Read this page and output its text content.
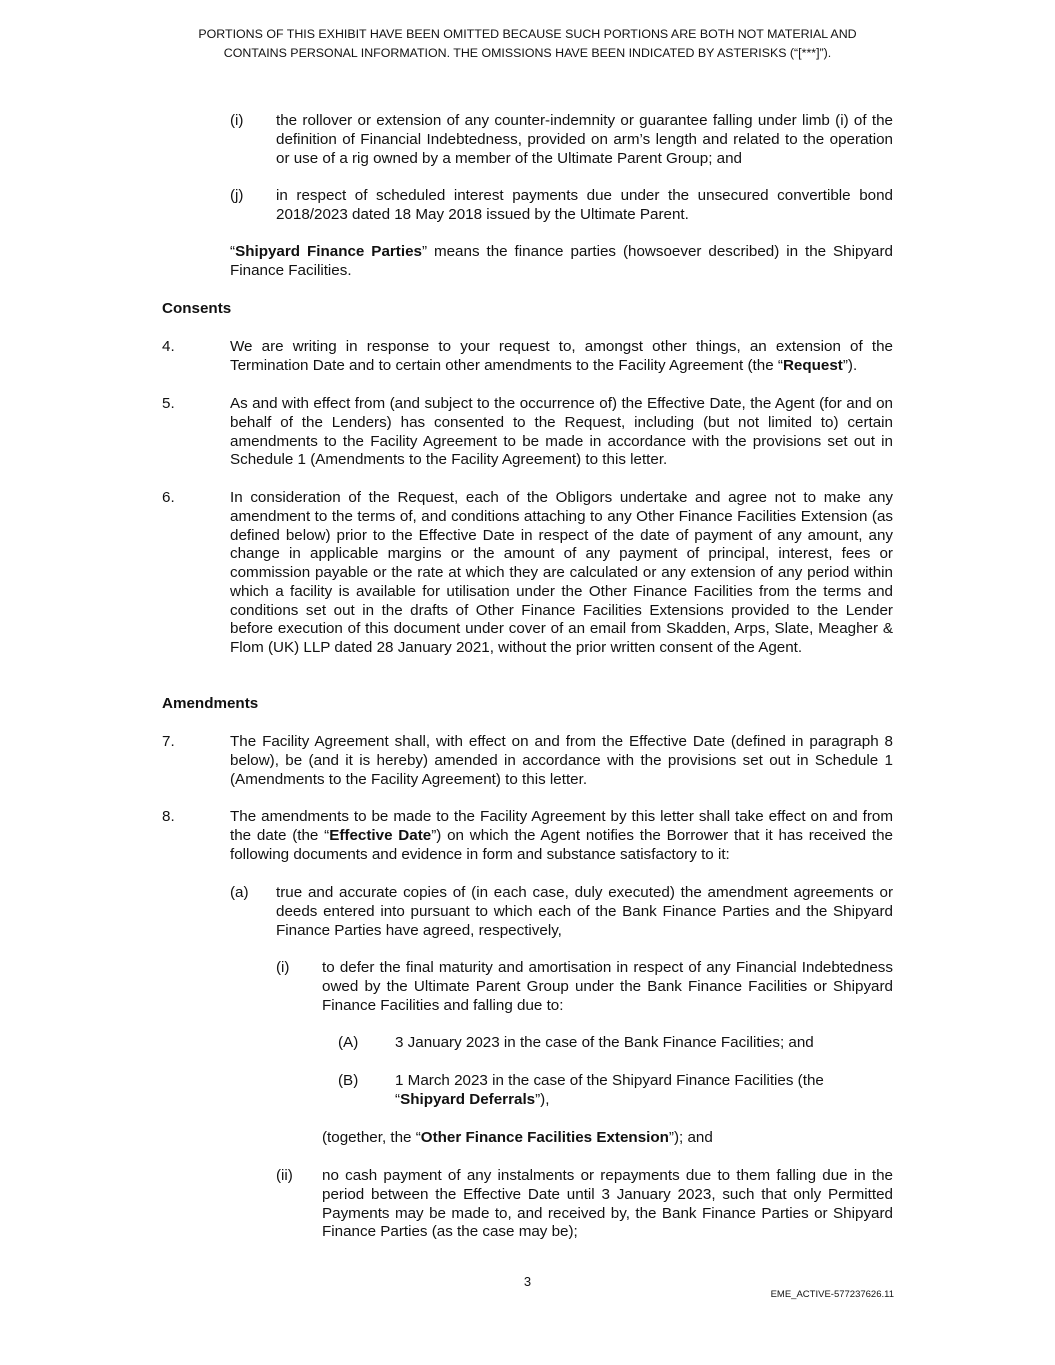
PORTIONS OF THIS EXHIBIT HAVE BEEN OMITTED BECAUSE SUCH PORTIONS ARE BOTH NOT MATERIAL AND
CONTAINS PERSONAL INFORMATION. THE OMISSIONS HAVE BEEN INDICATED BY ASTERISKS (“[***]”).
(i) the rollover or extension of any counter-indemnity or guarantee falling under limb (i) of the definition of Financial Indebtedness, provided on arm’s length and related to the operation or use of a rig owned by a member of the Ultimate Parent Group; and

(j) in respect of scheduled interest payments due under the unsecured convertible bond 2018/2023 dated 18 May 2018 issued by the Ultimate Parent.

“Shipyard Finance Parties” means the finance parties (howsoever described) in the Shipyard Finance Facilities.

Consents
4.	We are writing in response to your request to, amongst other things, an extension of the Termination Date and to certain other amendments to the Facility Agreement (the “Request”).

5.	As and with effect from (and subject to the occurrence of) the Effective Date, the Agent (for and on behalf of the Lenders) has consented to the Request, including (but not limited to) certain amendments to the Facility Agreement to be made in accordance with the provisions set out in Schedule 1 (Amendments to the Facility Agreement) to this letter.

6.	In consideration of the Request, each of the Obligors undertake and agree not to make any amendment to the terms of, and conditions attaching to any Other Finance Facilities Extension (as defined below) prior to the Effective Date in respect of the date of payment of any amount, any change in applicable margins or the amount of any payment of principal, interest, fees or commission payable or the rate at which they are calculated or any extension of any period within which a facility is available for utilisation under the Other Finance Facilities from the terms and conditions set out in the drafts of Other Finance Facilities Extensions provided to the Lender before execution of this document under cover of an email from Skadden, Arps, Slate, Meagher & Flom (UK) LLP dated 28 January 2021, without the prior written consent of the Agent.

Amendments
7.	The Facility Agreement shall, with effect on and from the Effective Date (defined in paragraph 8 below), be (and it is hereby) amended in accordance with the provisions set out in Schedule 1 (Amendments to the Facility Agreement) to this letter.

8.	The amendments to be made to the Facility Agreement by this letter shall take effect on and from the date (the “Effective Date”) on which the Agent notifies the Borrower that it has received the following documents and evidence in form and substance satisfactory to it:

(a) true and accurate copies of (in each case, duly executed) the amendment agreements or deeds entered into pursuant to which each of the Bank Finance Parties and the Shipyard Finance Parties have agreed, respectively,

(i) to defer the final maturity and amortisation in respect of any Financial Indebtedness owed by the Ultimate Parent Group under the Bank Finance Facilities or Shipyard Finance Facilities and falling due to:

(A) 3 January 2023 in the case of the Bank Finance Facilities; and

(B) 1 March 2023 in the case of the Shipyard Finance Facilities (the
“Shipyard Deferrals”),

(together, the “Other Finance Facilities Extension”); and

(ii) no cash payment of any instalments or repayments due to them falling due in the period between the Effective Date until 3 January 2023, such that only Permitted Payments may be made to, and received by, the Bank Finance Parties or Shipyard Finance Parties (as the case may be);

3
EME_ACTIVE-577237626.11
